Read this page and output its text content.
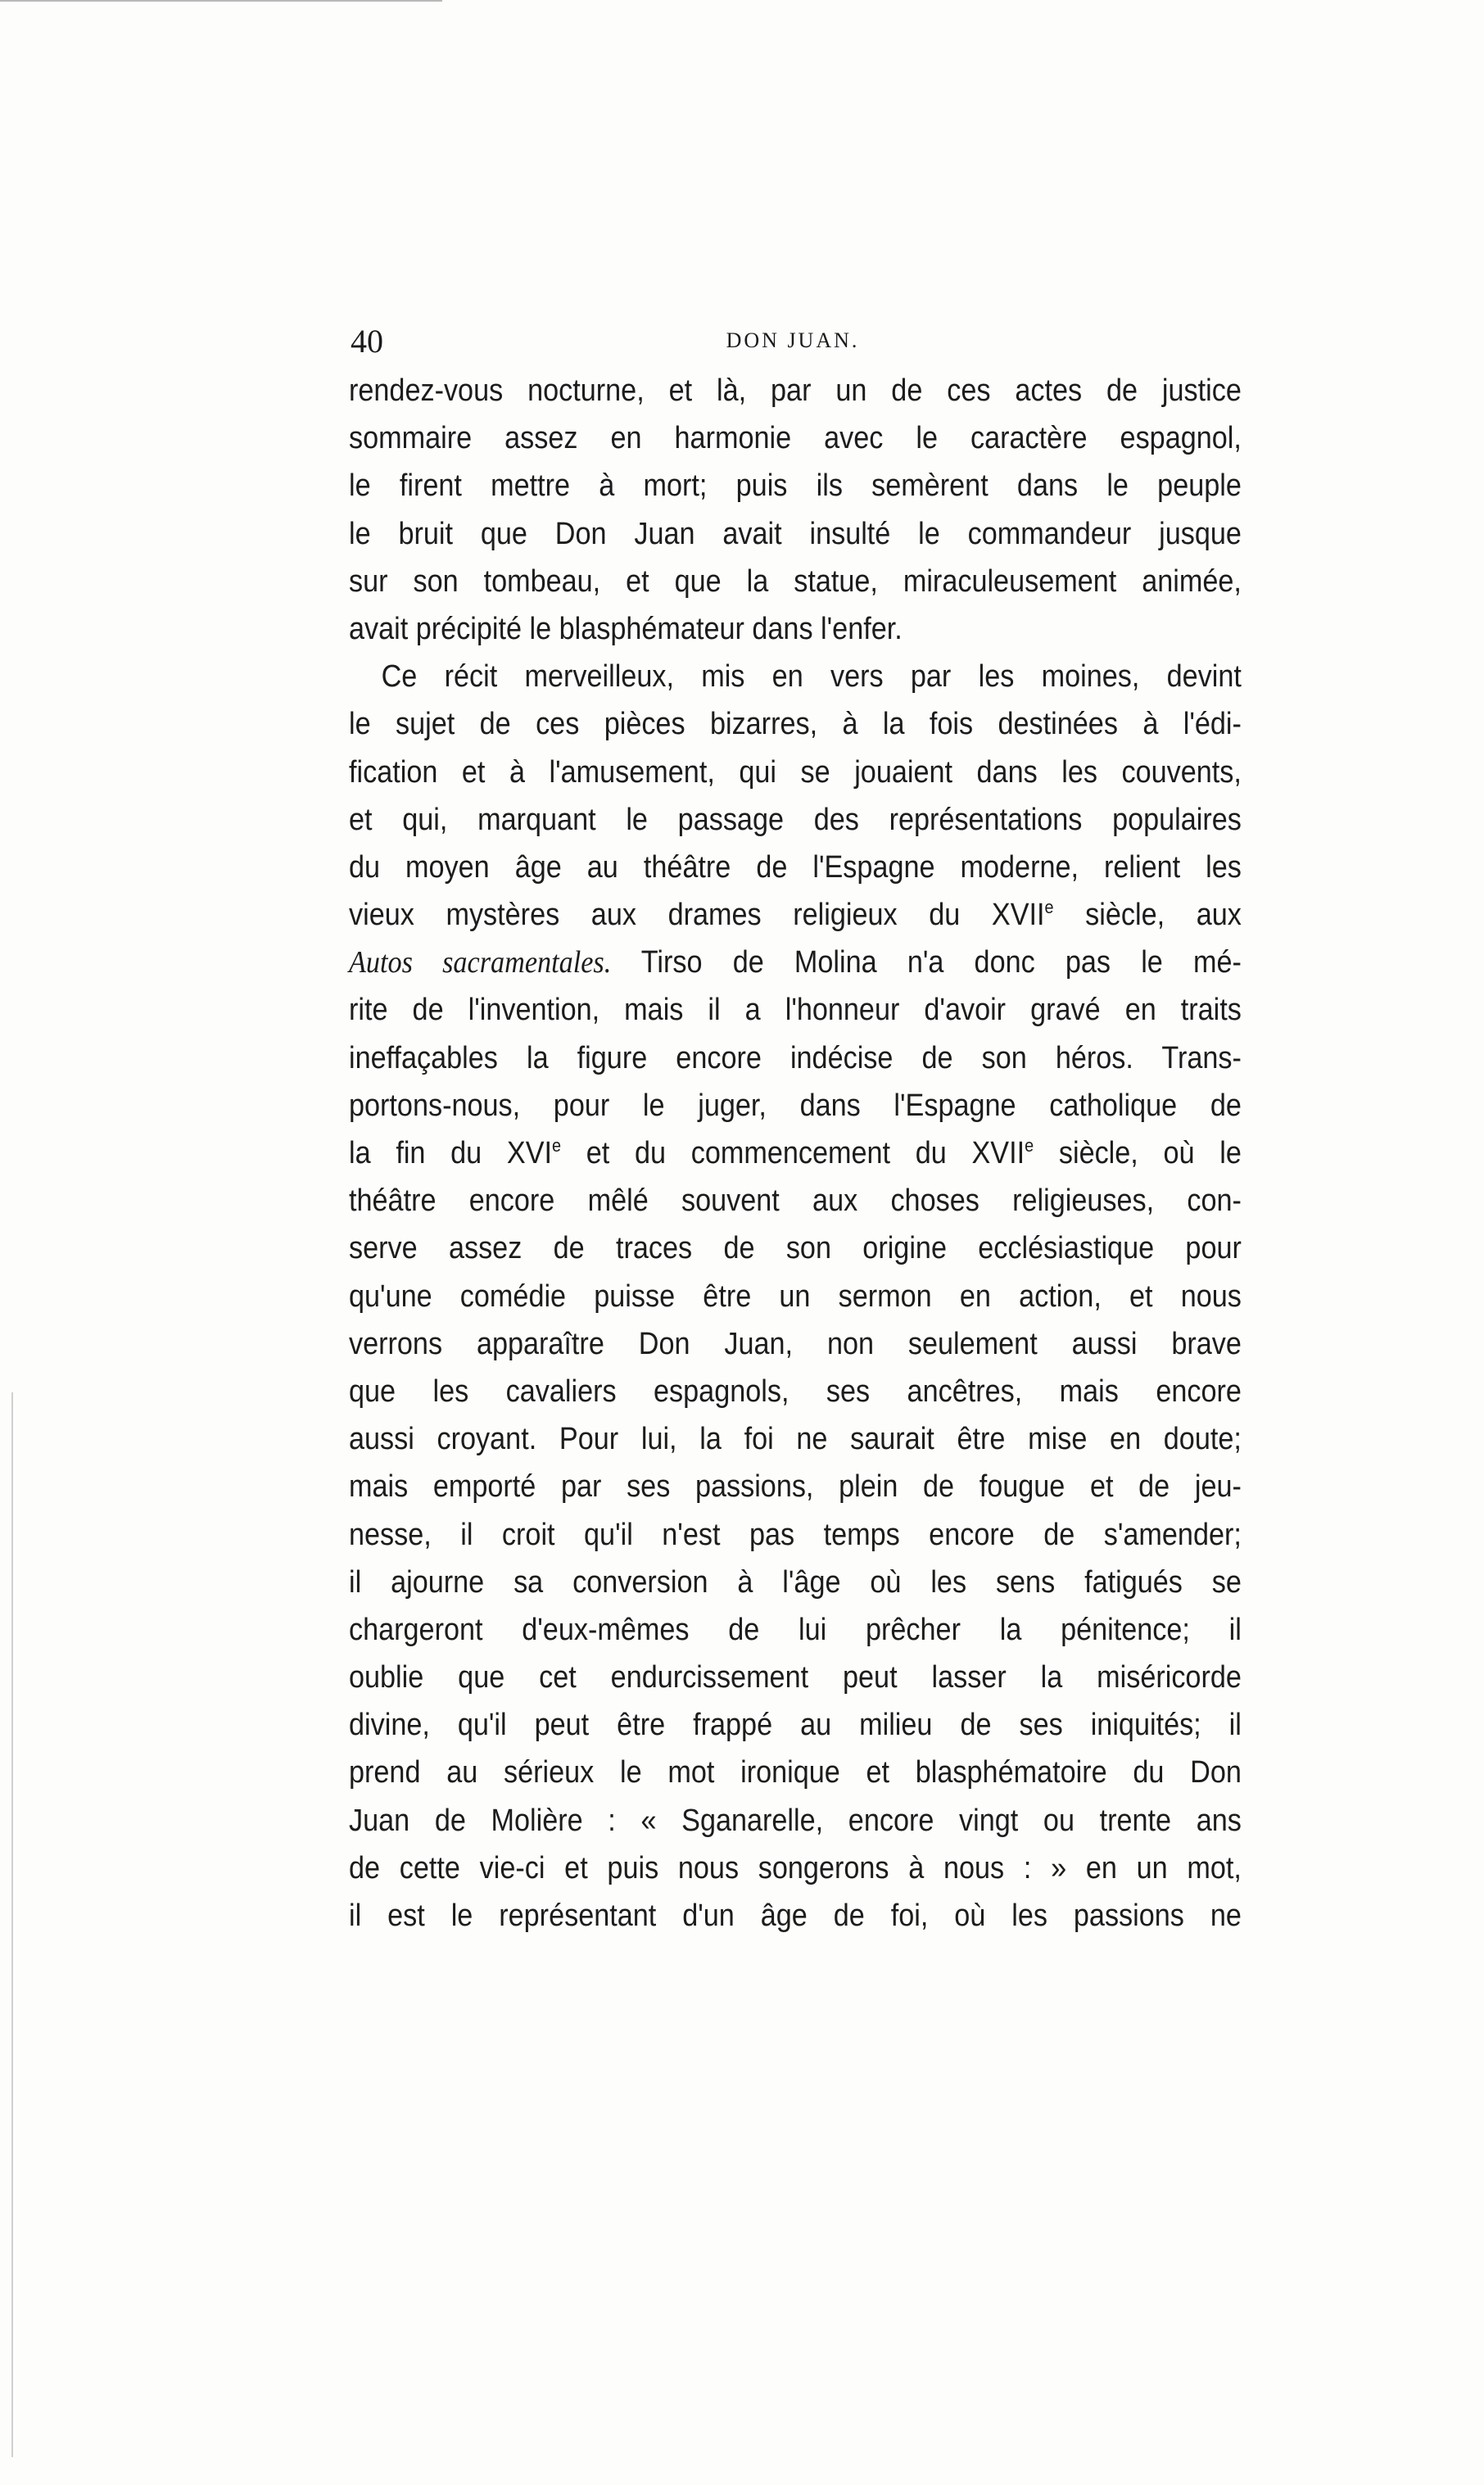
40	DON JUAN.
rendez-vous nocturne, et là, par un de ces actes de justice
sommaire assez en harmonie avec le caractère espagnol,
le firent mettre à mort; puis ils semèrent dans le peuple
le bruit que Don Juan avait insulté le commandeur jusque
sur son tombeau, et que la statue, miraculeusement animée,
avait précipité le blasphémateur dans l'enfer.
Ce récit merveilleux, mis en vers par les moines, devint
le sujet de ces pièces bizarres, à la fois destinées à l'édi-
fication et à l'amusement, qui se jouaient dans les couvents,
et qui, marquant le passage des représentations populaires
du moyen âge au théâtre de l'Espagne moderne, relient les
vieux mystères aux drames religieux du XVIIe siècle, aux
Autos sacramentales. Tirso de Molina n'a donc pas le mé-
rite de l'invention, mais il a l'honneur d'avoir gravé en traits
ineffaçables la figure encore indécise de son héros. Trans-
portons-nous, pour le juger, dans l'Espagne catholique de
la fin du XVIe et du commencement du XVIIe siècle, où le
théâtre encore mêlé souvent aux choses religieuses, con-
serve assez de traces de son origine ecclésiastique pour
qu'une comédie puisse être un sermon en action, et nous
verrons apparaître Don Juan, non seulement aussi brave
que les cavaliers espagnols, ses ancêtres, mais encore
aussi croyant. Pour lui, la foi ne saurait être mise en doute;
mais emporté par ses passions, plein de fougue et de jeu-
nesse, il croit qu'il n'est pas temps encore de s'amender;
il ajourne sa conversion à l'âge où les sens fatigués se
chargeront d'eux-mêmes de lui prêcher la pénitence; il
oublie que cet endurcissement peut lasser la miséricorde
divine, qu'il peut être frappé au milieu de ses iniquités; il
prend au sérieux le mot ironique et blasphématoire du Don
Juan de Molière : « Sganarelle, encore vingt ou trente ans
de cette vie-ci et puis nous songerons à nous : » en un mot,
il est le représentant d'un âge de foi, où les passions ne
